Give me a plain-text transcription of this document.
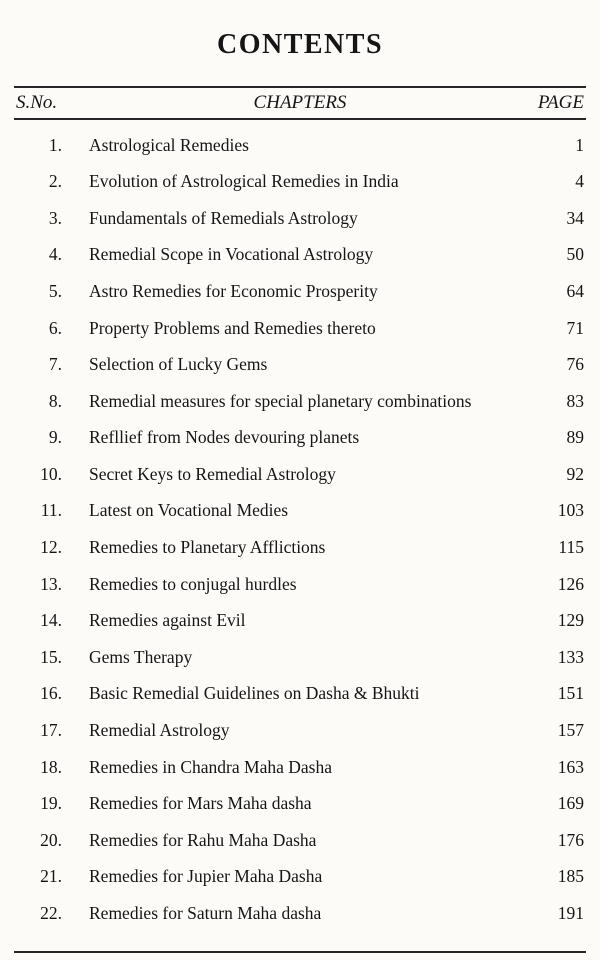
CONTENTS
S.No.	CHAPTERS	PAGE
1.	Astrological Remedies	1
2.	Evolution of Astrological Remedies in India	4
3.	Fundamentals of Remedials Astrology	34
4.	Remedial Scope in Vocational Astrology	50
5.	Astro Remedies for Economic Prosperity	64
6.	Property Problems and Remedies thereto	71
7.	Selection of Lucky Gems	76
8.	Remedial measures for special planetary combinations	83
9.	Refllief from Nodes devouring planets	89
10.	Secret Keys to Remedial Astrology	92
11.	Latest on Vocational Medies	103
12.	Remedies to Planetary Afflictions	115
13.	Remedies to conjugal hurdles	126
14.	Remedies against Evil	129
15.	Gems Therapy	133
16.	Basic Remedial Guidelines on Dasha & Bhukti	151
17.	Remedial Astrology	157
18.	Remedies in Chandra Maha Dasha	163
19.	Remedies for Mars Maha dasha	169
20.	Remedies for Rahu Maha Dasha	176
21.	Remedies for Jupier Maha Dasha	185
22.	Remedies for Saturn Maha dasha	191
